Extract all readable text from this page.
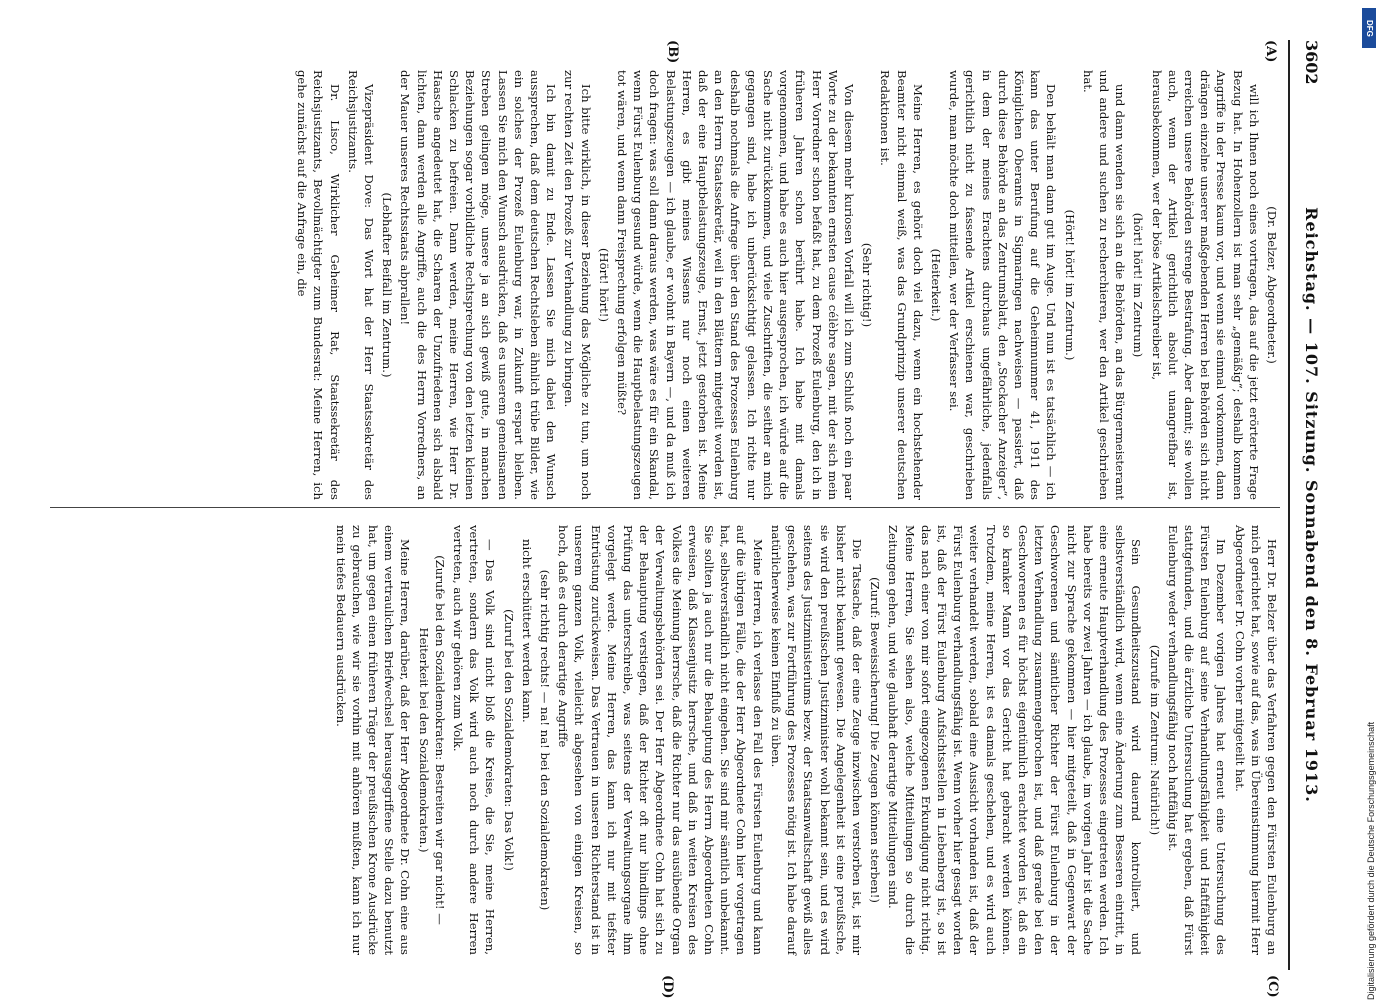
3602
Reichstag. — 107. Sitzung. Sonnabend den 8. Februar 1913.
(A)
(B)
(C)
(D)

(Dr. Belzer, Abgeordneter.)

will ich Ihnen noch eines vortragen, das auf die jetzt erörterte Frage Bezug hat. In Hohenzollern ist man sehr „gemäßig“; deshalb kommen Angriffe in der Presse kaum vor, und wenn sie einmal vorkommen, dann drängen einzelne unserer maßgebenden Herren bei Behörden sich nicht erreichen unsere Behörden strenge Bestrafung. Aber damit; sie wollen auch, wenn der Artikel gerichtlich absolut unangreifbar ist, herausbekommen, wer der böse Artikelschreiber ist,

(hört! hört! im Zentrum)

und dann wenden sie sich an die Behörden, an das Bürgermeisteramt und andere und suchen zu recherchieren, wer den Artikel geschrieben hat.

(Hört! hört! im Zentrum.)

Den behält man dann gut im Auge. Und nun ist es tatsächlich — ich kann das unter Berufung auf die Geheimnummer 41, 1911 des Königlichen Oberamts in Sigmaringen nachweisen — passiert, daß durch diese Behörde an das Zentrumsblatt, den „Stockacher Anzeiger“, in dem der meines Erachtens durchaus ungefährliche, jedenfalls gerichtlich nicht zu fassende Artikel erschienen war, geschrieben wurde, man möchte doch mitteilen, wer der Verfasser sei.

(Heiterkeit.)

Meine Herren, es gehört doch viel dazu, wenn ein hochstehender Beamter nicht einmal weiß, was das Grundprinzip unserer deutschen Redaktionen ist.

(Sehr richtig!)

Von diesem mehr kuriosen Vorfall will ich zum Schluß noch ein paar Worte zu der bekannten ernsten cause célèbre sagen, mit der sich mein Herr Vorredner schon befaßt hat, zu dem Prozeß Eulenburg, den ich in früheren Jahren schon berührt habe. Ich habe mit damals vorgenommen, und habe es auch hier ausgesprochen, ich würde auf die Sache nicht zurückkommen, und viele Zuschriften, die seither an mich gegangen sind, habe ich unberücksichtigt gelassen. Ich richte nur deshalb nochmals die Anfrage über den Stand des Prozesses Eulenburg an den Herrn Staatssekretär, weil in den Blättern mitgeteilt worden ist, daß der eine Hauptbelastungszeuge, Ernst, jetzt gestorben ist. Meine Herren, es gibt meines Wissens nur noch einen weiteren Belastungszeugen — ich glaube, er wohnt in Bayern —, und da muß ich doch fragen: was soll dann daraus werden, was wäre es für ein Skandal, wenn Fürst Eulenburg gesund würde, wenn die Hauptbelastungszeugen tot wären, und wenn dann Freisprechung erfolgen müßte?

(Hört! hört!)

Ich bitte wirklich, in dieser Beziehung das Mögliche zu tun, um noch zur rechten Zeit den Prozeß zur Verhandlung zu bringen.

Ich bin damit zu Ende. Lassen Sie mich dabei den Wunsch aussprechen, daß dem deutschen Rechtsleben ähnlich trübe Bilder, wie ein solches der Prozeß Eulenburg war, in Zukunft erspart bleiben. Lassen Sie mich den Wunsch ausdrücken, daß es unserem gemeinsamen Streben gelingen möge, unsere ja an sich gewiß gute, in manchen Beziehungen sogar vorbildliche Rechtsprechung von den letzten kleinen Schlacken zu befreien. Dann werden, meine Herren, wie Herr Dr. Haasche angedeutet hat, die Scharen der Unzufriedenen sich alsbald lichten, dann werden alle Angriffe, auch die des Herrn Vorredners, an der Mauer unseres Rechtsstaats abprallen!

(Lebhafter Beifall im Zentrum.)

Vizepräsident Dove: Das Wort hat der Herr Staatssekretär des Reichsjustizamts.

Dr. Lisco, Wirklicher Geheimer Rat, Staatssekretär des Reichsjustizamts, Bevollmächtigter zum Bundesrat: Meine Herren, ich gehe zunächst auf die Anfrage ein, die

Herr Dr. Belzer über das Verfahren gegen den Fürsten Eulenburg an mich gerichtet hat, sowie auf das, was in Übereinstimmung hiermit Herr Abgeordneter Dr. Cohn vorher mitgeteilt hat.

Im Dezember vorigen Jahres hat erneut eine Untersuchung des Fürsten Eulenburg auf seine Verhandlungsfähigkeit und Haftfähigkeit stattgefunden, und die ärztliche Untersuchung hat ergeben, daß Fürst Eulenburg weder verhandlungsfähig noch haftfähig ist.

(Zurufe im Zentrum: Natürlich!)

Sein Gesundheitszustand wird dauernd kontrolliert, und selbstverständlich wird, wenn eine Änderung zum Besseren eintritt, in eine erneute Hauptverhandlung des Prozesses eingetreten werden. Ich habe bereits vor zwei Jahren — ich glaube, im vorigen Jahr ist die Sache nicht zur Sprache gekommen — hier mitgeteilt, daß in Gegenwart der Geschworenen und sämtlicher Richter der Fürst Eulenburg in der letzten Verhandlung zusammengebrochen ist, und daß gerade bei den Geschworenen es für höchst eigentümlich erachtet worden ist, daß ein so kranker Mann vor das Gericht hat gebracht werden können. Trotzdem, meine Herren, ist es damals geschehen, und es wird auch weiter verhandelt werden, sobald eine Aussicht vorhanden ist, daß der Fürst Eulenburg verhandlungsfähig ist. Wenn vorher hier gesagt worden ist, daß der Fürst Eulenburg Aufsichtsstellen in Liebenberg ist, so ist das nach einer von mir sofort eingezogenen Erkundigung nicht richtig. Meine Herren, Sie sehen also, welche Mitteilungen so durch die Zeitungen gehen, und wie glaubhaft derartige Mitteilungen sind.

(Zuruf: Beweissicherung! Die Zeugen können sterben!)

Die Tatsache, daß der eine Zeuge inzwischen verstorben ist, ist mir bisher nicht bekannt gewesen. Die Angelegenheit ist eine preußische, sie wird den preußischen Justizminister wohl bekannt sein, und es wird seitens des Justizministeriums bezw. der Staatsanwaltschaft gewiß alles geschehen, was zur Fortführung des Prozesses nötig ist. Ich habe darauf natürlicherweise keinen Einfluß zu üben.

Meine Herren, ich verlasse den Fall des Fürsten Eulenburg und kann auf die übrigen Fälle, die der Herr Abgeordnete Cohn hier vorgetragen hat, selbstverständlich nicht eingehen. Sie sind mir sämtlich unbekannt. Sie sollten ja auch nur die Behauptung des Herrn Abgeordneten Cohn erweisen, daß Klassenjustiz herrsche, und daß in weiten Kreisen des Volkes die Meinung herrsche, daß die Richter nur das ausübende Organ der Verwaltungsbehörden sei. Der Herr Abgeordnete Cohn hat sich zu der Behauptung verstiegen, daß der Richter oft nur blindlings ohne Prüfung das unterschreibe, was seitens der Verwaltungsorgane ihm vorgelegt werde. Meine Herren, das kann ich nur mit tiefster Entrüstung zurückweisen. Das Vertrauen in unseren Richterstand ist in unserem ganzen Volk, vielleicht abgesehen von einigen Kreisen, so hoch, daß es durch derartige Angriffe

(sehr richtig rechts! — na! na! bei den Sozialdemokraten)

nicht erschüttert werden kann.

(Zuruf bei den Sozialdemokraten: Das Volk!)

— Das Volk sind nicht bloß die Kreise, die Sie, meine Herren, vertreten, sondern das Volk wird auch noch durch andere Herren vertreten, auch wir gehören zum Volk.

(Zurufe bei den Sozialdemokraten: Bestreiten wir gar nicht! — Heiterkeit bei den Sozialdemokraten.)

Meine Herren, darüber, daß der Herr Abgeordnete Dr. Cohn eine aus einem vertraulichen Briefwechsel herausgegriffene Stelle dazu benutzt hat, um gegen einen früheren Träger der preußischen Krone Ausdrücke zu gebrauchen, wie wir sie vorhin mit anhören mußten, kann ich nur mein tiefes Bedauern ausdrücken.

Digitalisierung gefördert durch die Deutsche Forschungsgemeinschaft
DFG
